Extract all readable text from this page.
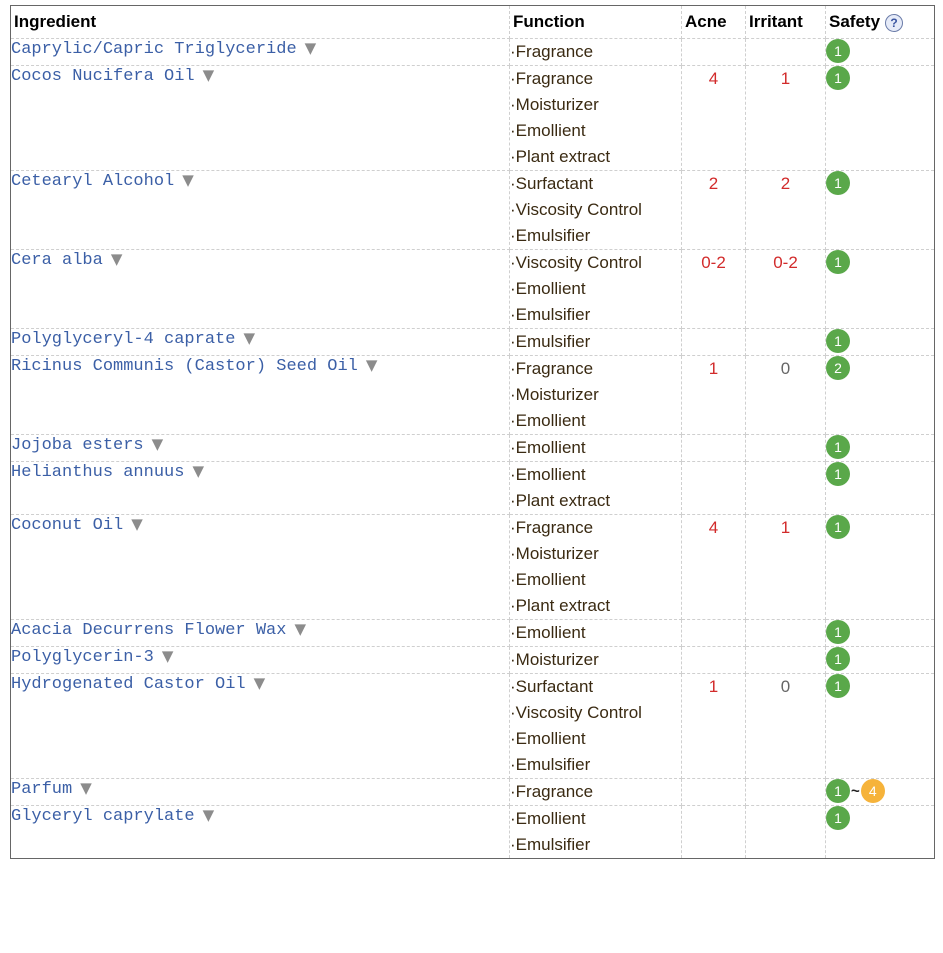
Ingredient	Function	Acne	Irritant	Safety ?
Caprylic/Capric Triglyceride ▼	·Fragrance			1
Cocos Nucifera Oil ▼	·Fragrance
·Moisturizer
·Emollient
·Plant extract	4	1	1
Cetearyl Alcohol ▼	·Surfactant
·Viscosity Control
·Emulsifier	2	2	1
Cera alba ▼	·Viscosity Control
·Emollient
·Emulsifier	0-2	0-2	1
Polyglyceryl-4 caprate ▼	·Emulsifier			1
Ricinus Communis (Castor) Seed Oil ▼	·Fragrance
·Moisturizer
·Emollient	1	0	2
Jojoba esters ▼	·Emollient			1
Helianthus annuus ▼	·Emollient
·Plant extract			1
Coconut Oil ▼	·Fragrance
·Moisturizer
·Emollient
·Plant extract	4	1	1
Acacia Decurrens Flower Wax ▼	·Emollient			1
Polyglycerin-3 ▼	·Moisturizer			1
Hydrogenated Castor Oil ▼	·Surfactant
·Viscosity Control
·Emollient
·Emulsifier	1	0	1
Parfum ▼	·Fragrance			1 ~ 4
Glyceryl caprylate ▼	·Emollient
·Emulsifier			1
